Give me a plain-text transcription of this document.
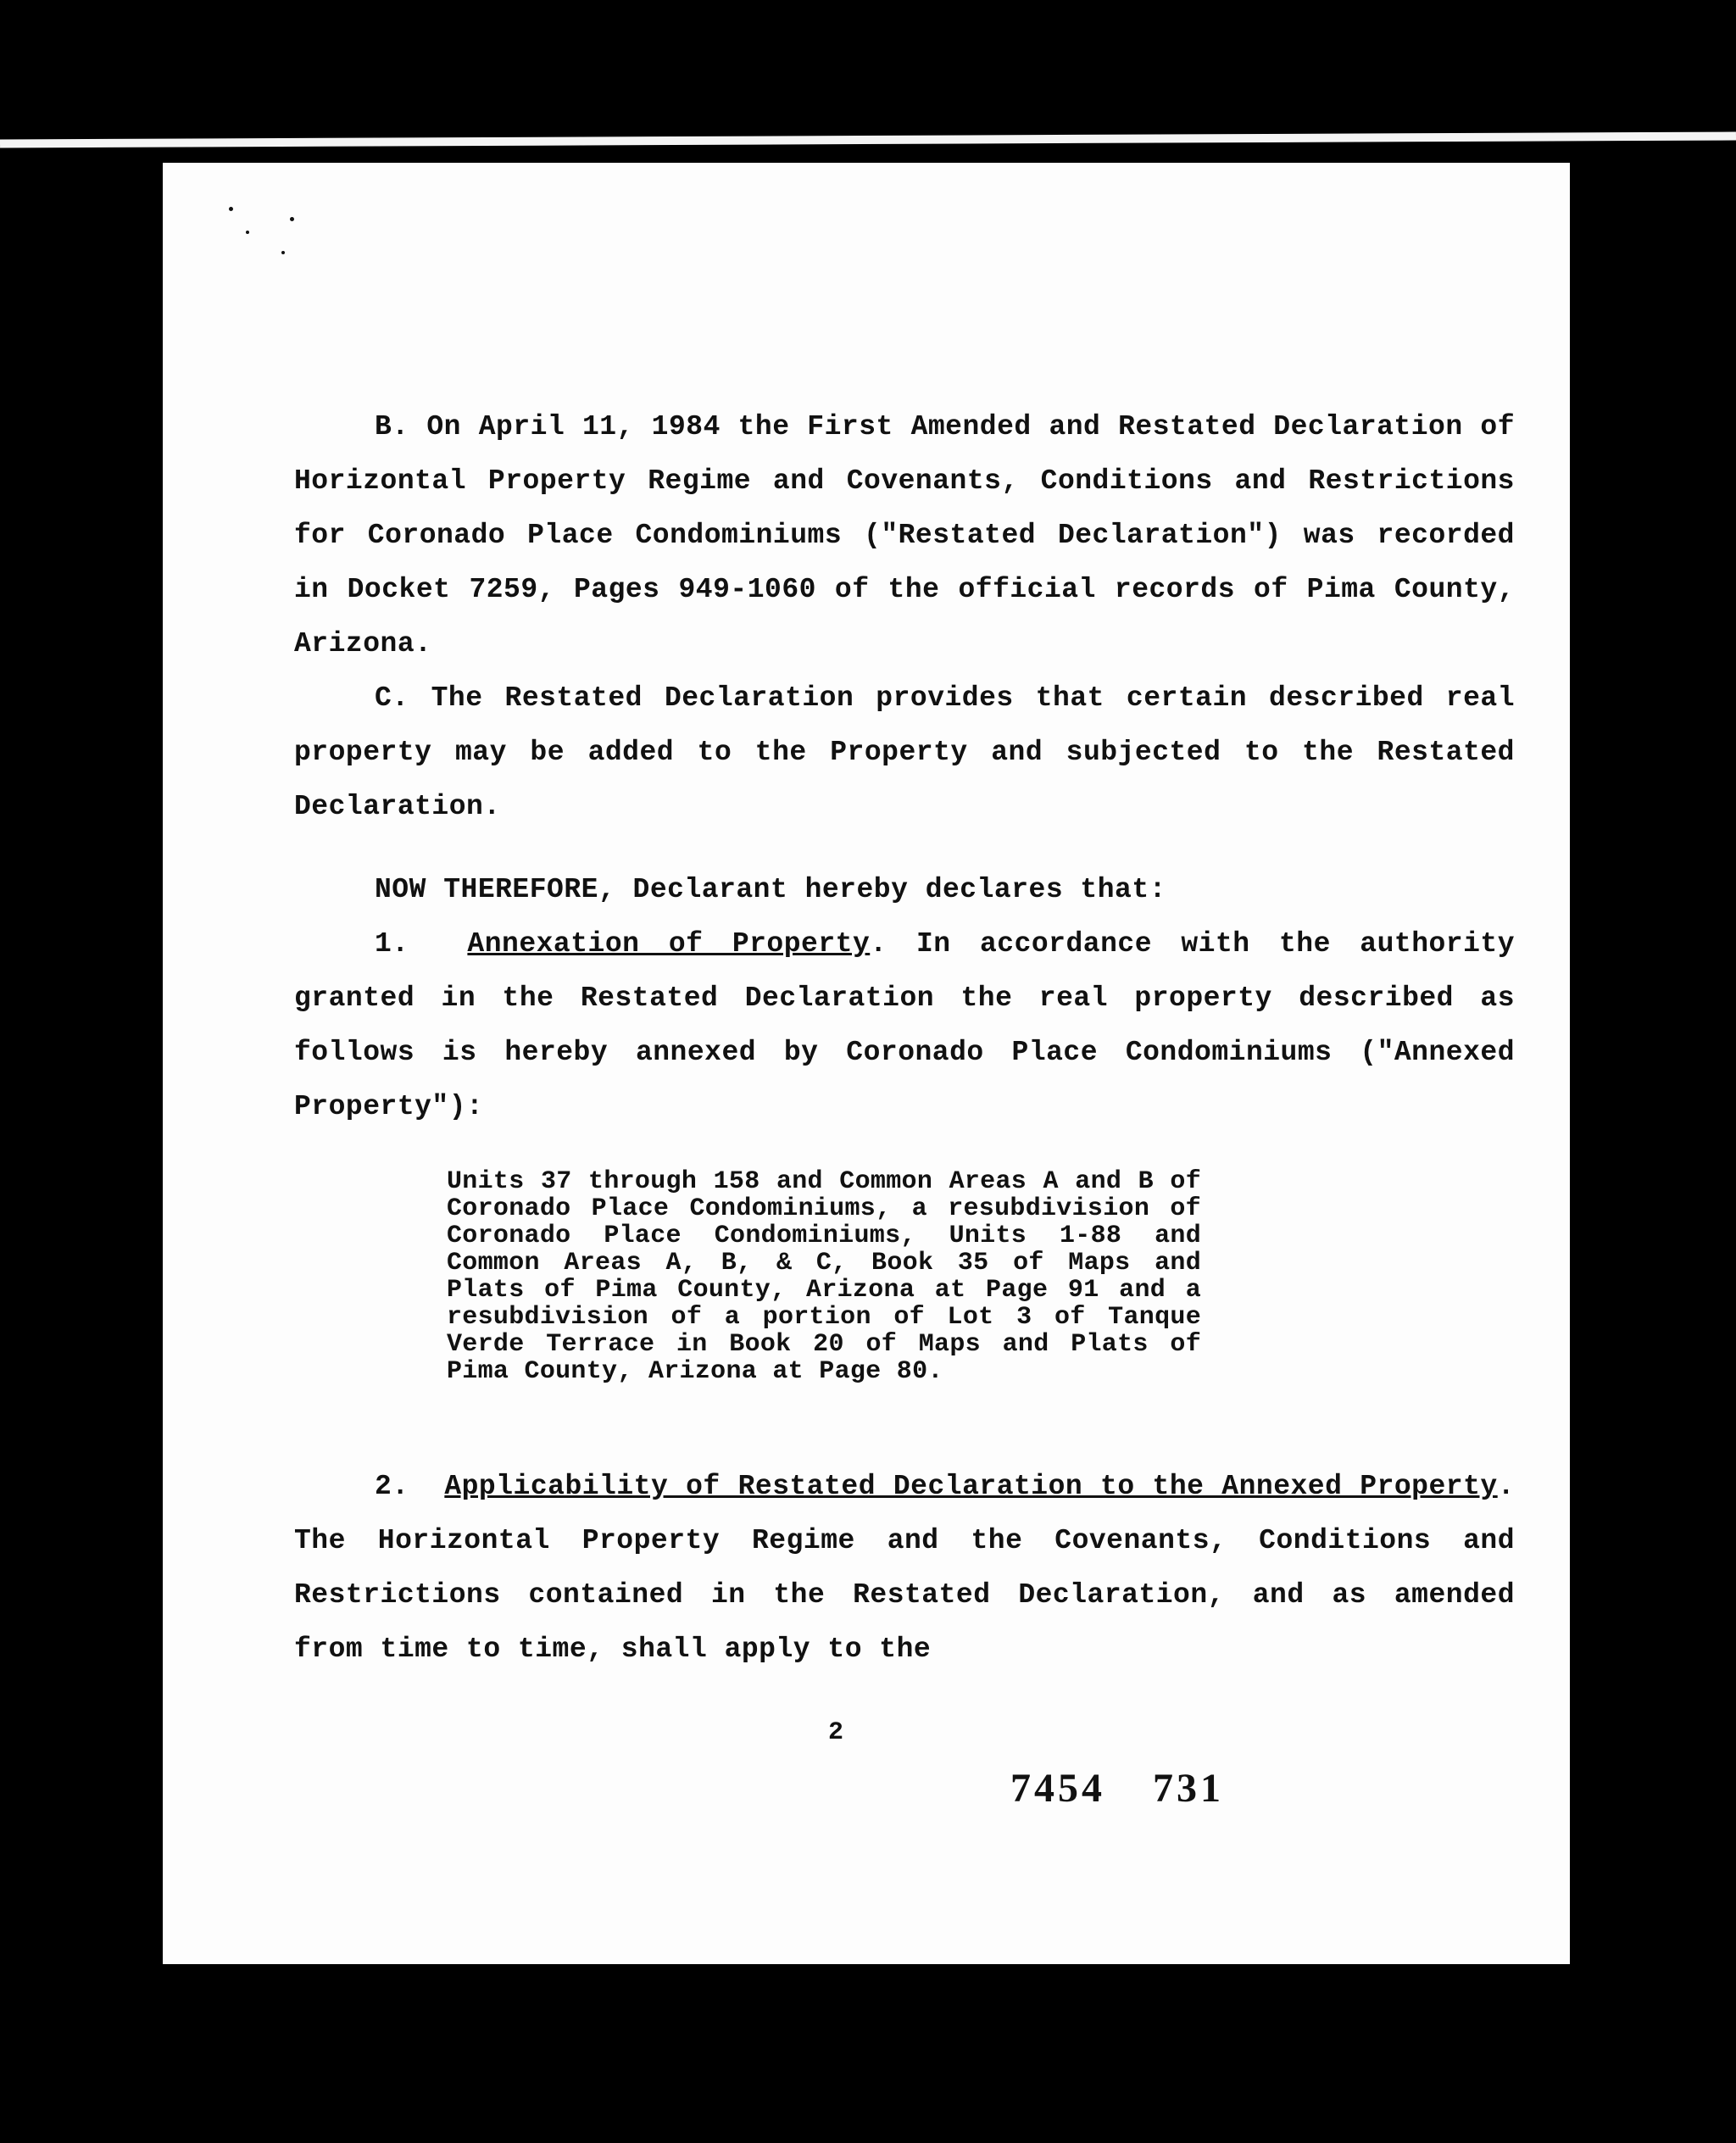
B. On April 11, 1984 the First Amended and Restated Declaration of Horizontal Property Regime and Covenants, Conditions and Restrictions for Coronado Place Condominiums ("Restated Declaration") was recorded in Docket 7259, Pages 949-1060 of the official records of Pima County, Arizona.

C. The Restated Declaration provides that certain described real property may be added to the Property and subjected to the Restated Declaration.

NOW THEREFORE, Declarant hereby declares that:

1. Annexation of Property. In accordance with the authority granted in the Restated Declaration the real property described as follows is hereby annexed by Coronado Place Condominiums ("Annexed Property"):

Units 37 through 158 and Common Areas A and B of Coronado Place Condominiums, a resubdivision of Coronado Place Condominiums, Units 1-88 and Common Areas A, B, & C, Book 35 of Maps and Plats of Pima County, Arizona at Page 91 and a resubdivision of a portion of Lot 3 of Tanque Verde Terrace in Book 20 of Maps and Plats of Pima County, Arizona at Page 80.

2. Applicability of Restated Declaration to the Annexed Property. The Horizontal Property Regime and the Covenants, Conditions and Restrictions contained in the Restated Declaration, and as amended from time to time, shall apply to the

2
7454 731
